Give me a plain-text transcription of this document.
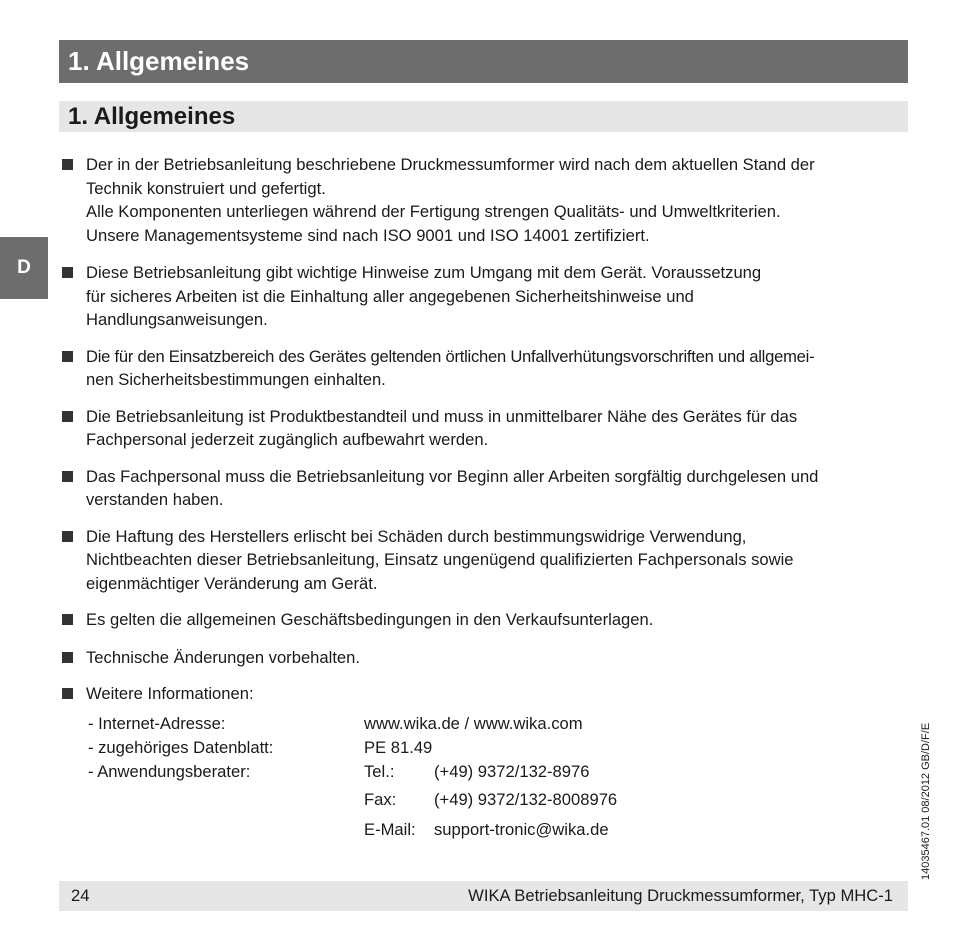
1. Allgemeines
1. Allgemeines
D

Der in der Betriebsanleitung beschriebene Druckmessumformer wird nach dem aktuellen Stand der

Technik konstruiert und gefertigt.

Alle Komponenten unterliegen während der Fertigung strengen Qualitäts- und Umweltkriterien.

Unsere Managementsysteme sind nach ISO 9001 und ISO 14001 zertifiziert.

Diese Betriebsanleitung gibt wichtige Hinweise zum Umgang mit dem Gerät. Voraussetzung

für sicheres Arbeiten ist die Einhaltung aller angegebenen Sicherheitshinweise und

Handlungsanweisungen.

Die für den Einsatzbereich des Gerätes geltenden örtlichen Unfallverhütungsvorschriften und allgemei-

nen Sicherheitsbestimmungen einhalten.

Die Betriebsanleitung ist Produktbestandteil und muss in unmittelbarer Nähe des Gerätes für das

Fachpersonal jederzeit zugänglich aufbewahrt werden.

Das Fachpersonal muss die Betriebsanleitung vor Beginn aller Arbeiten sorgfältig durchgelesen und

verstanden haben.

Die Haftung des Herstellers erlischt bei Schäden durch bestimmungswidrige Verwendung,

Nichtbeachten dieser Betriebsanleitung, Einsatz ungenügend qualifizierten Fachpersonals sowie

eigenmächtiger Veränderung am Gerät.

Es gelten die allgemeinen Geschäftsbedingungen in den Verkaufsunterlagen.

Technische Änderungen vorbehalten.

Weitere Informationen:

- Internet-Adresse:	www.wika.de / www.wika.com	
- zugehöriges Datenblatt:	PE 81.49	
- Anwendungsberater:	Tel.:	(+49) 9372/132-8976
	Fax:	(+49) 9372/132-8008976
	E-Mail:	support-tronic@wika.de
24	WIKA Betriebsanleitung Druckmessumformer, Typ MHC-1
14035467.01 08/2012 GB/D/F/E
